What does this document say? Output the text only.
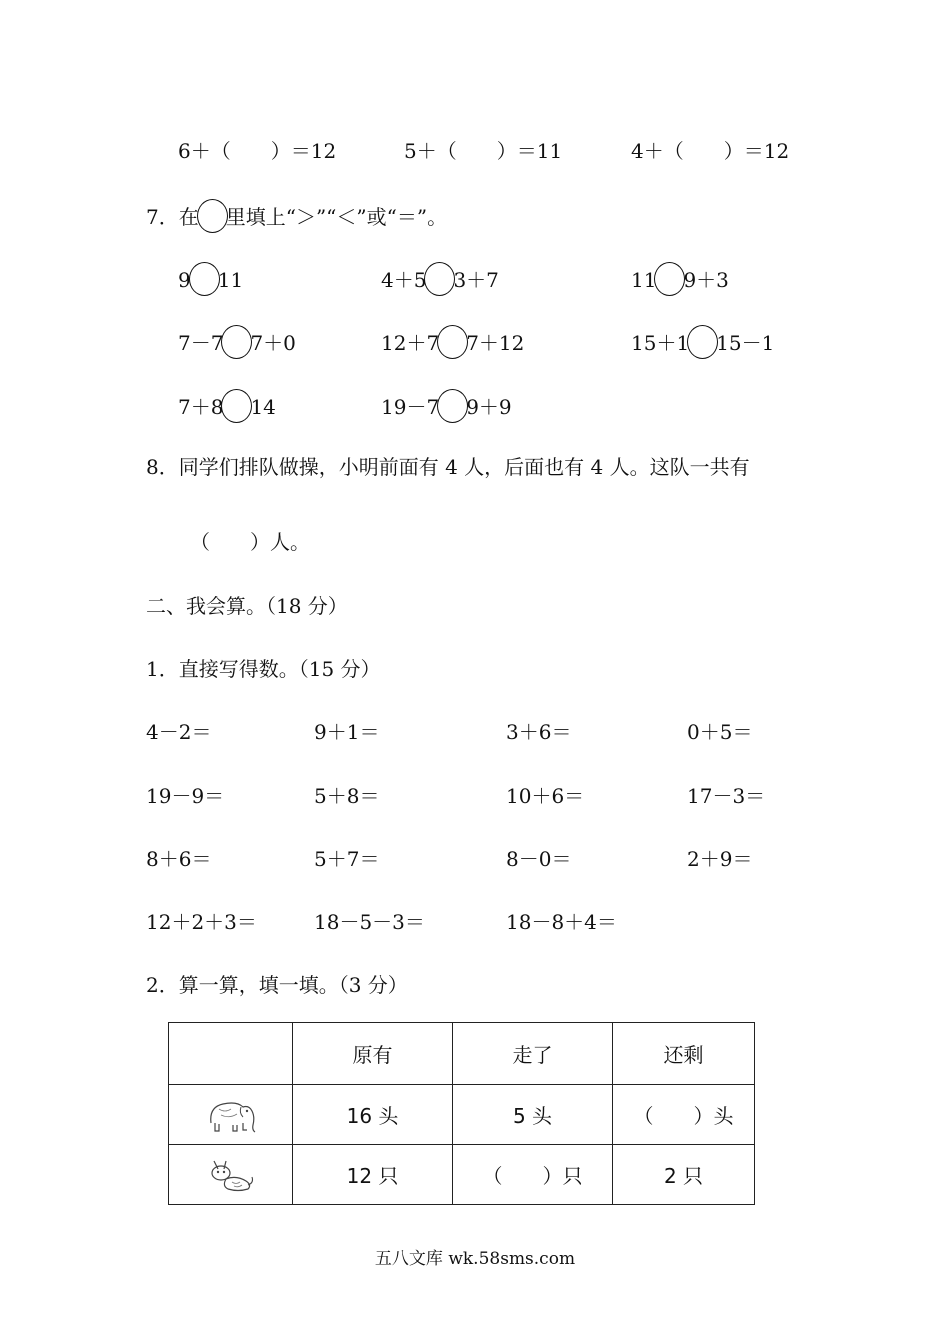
6＋（　　）＝12	5＋（　　）＝11	4＋（　　）＝12
7．在 里填上“＞”“＜”或“＝”。
9 11	4＋5 3＋7	11 9＋3
7－7 7＋0	12＋7 7＋12	15＋1 15－1
7＋8 14	19－7 9＋9
8．同学们排队做操，小明前面有 4 人，后面也有 4 人。这队一共有
（　　）人。
二、我会算。（18 分）
1．直接写得数。（15 分）
4－2＝	9＋1＝	3＋6＝	0＋5＝
19－9＝	5＋8＝	10＋6＝	17－3＝
8＋6＝	5＋7＝	8－0＝	2＋9＝
12＋2＋3＝	18－5－3＝	18－8＋4＝
2．算一算，填一填。（3 分）
	原有	走了	还剩

	16 头	5 头	（　　）头

	12 只	（　　）只	2 只
五八文库 wk.58sms.com
